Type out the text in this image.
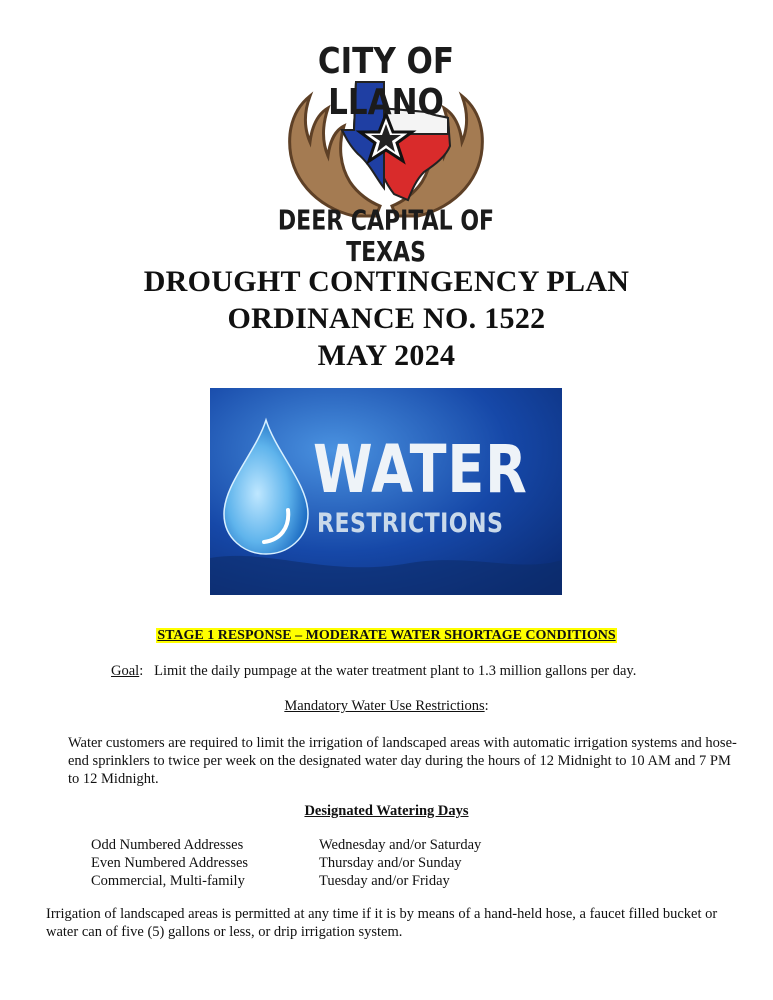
CITY OF LLANO
DEER CAPITAL OF TEXAS
DROUGHT CONTINGENCY PLAN
ORDINANCE NO. 1522
MAY 2024
WATER
RESTRICTIONS
STAGE 1 RESPONSE – MODERATE WATER SHORTAGE CONDITIONS
Goal:   Limit the daily pumpage at the water treatment plant to 1.3 million gallons per day.
Mandatory Water Use Restrictions:
Water customers are required to limit the irrigation of landscaped areas with automatic irrigation systems and hose-end sprinklers to twice per week on the designated water day during the hours of 12 Midnight to 10 AM and 7 PM to 12 Midnight.
Designated Watering Days
Odd Numbered Addresses	Wednesday and/or Saturday
Even Numbered Addresses	Thursday and/or Sunday
Commercial, Multi-family	Tuesday and/or Friday
Irrigation of landscaped areas is permitted at any time if it is by means of a hand-held hose, a faucet filled bucket or water can of five (5) gallons or less, or drip irrigation system.
